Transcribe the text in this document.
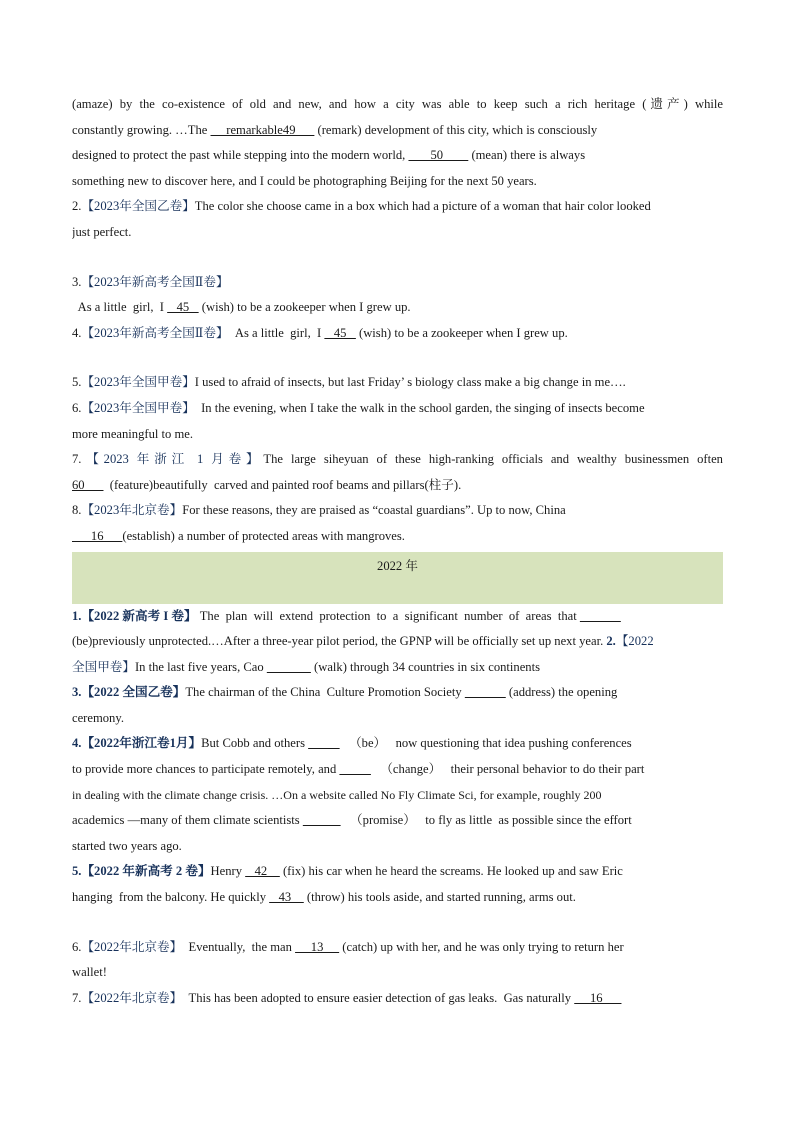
(amaze) by the co-existence of old and new, and how a city was able to keep such a rich heritage (遗产) while
constantly growing. …The      remarkable49       (remark) development of this city, which is consciously
designed to protect the past while stepping into the modern world,        50         (mean) there is always
something new to discover here, and I could be photographing Beijing for the next 50 years.
2.【2023年全国乙卷】The color she choose came in a box which had a picture of a woman that hair color looked
just perfect.
3.【2023年新高考全国Ⅱ卷】
As a little  girl,  I    45    (wish) to be a zookeeper when I grew up.
4.【2023年新高考全国Ⅱ卷】  As a little  girl,  I    45    (wish) to be a zookeeper when I grew up.
5.【2023年全国甲卷】I used to afraid of insects, but last Friday’ s biology class make a big change in me….
6.【2023年全国甲卷】  In the evening, when I take the walk in the school garden, the singing of insects become
more meaningful to me.
7.【2023 年浙江 1 月卷】The large siheyuan of these high-ranking officials and wealthy businessmen often
60        (feature)beautifully  carved and painted roof beams and pillars(柱子).
8.【2023年北京卷】For these reasons, they are praised as “coastal guardians”. Up to now, China
16      (establish) a number of protected areas with mangroves.
2022 年
1.【2022 新高考 I 卷】 The  plan  will  extend  protection  to  a  significant  number  of  areas  that
(be)previously unprotected.…After a three-year pilot period, the GPNP will be officially set up next year. 2.【2022
全国甲卷】In the last five years, Cao	(walk) through 34 countries in six continents
3.【2022 全国乙卷】The chairman of the China  Culture Promotion Society	(address) the opening
ceremony.
4.【2022年浙江卷1月】But Cobb and others              （be）   now questioning that idea pushing conferences
to provide more chances to participate remotely, and              （change）   their personal behavior to do their part
in dealing with the climate change crisis. …On a website called No Fly Climate Sci, for example, roughly 200
academics —many of them climate scientists	（promise）   to fly as little  as possible since the effort
started two years ago.
5.【2022 年新高考 2 卷】Henry    42     (fix) his car when he heard the screams. He looked up and saw Eric
hanging  from the balcony. He quickly    43     (throw) his tools aside, and started running, arms out.
6.【2022年北京卷】  Eventually,  the man      13      (catch) up with her, and he was only trying to return her
wallet!
7.【2022年北京卷】  This has been adopted to ensure easier detection of gas leaks.  Gas naturally      16
